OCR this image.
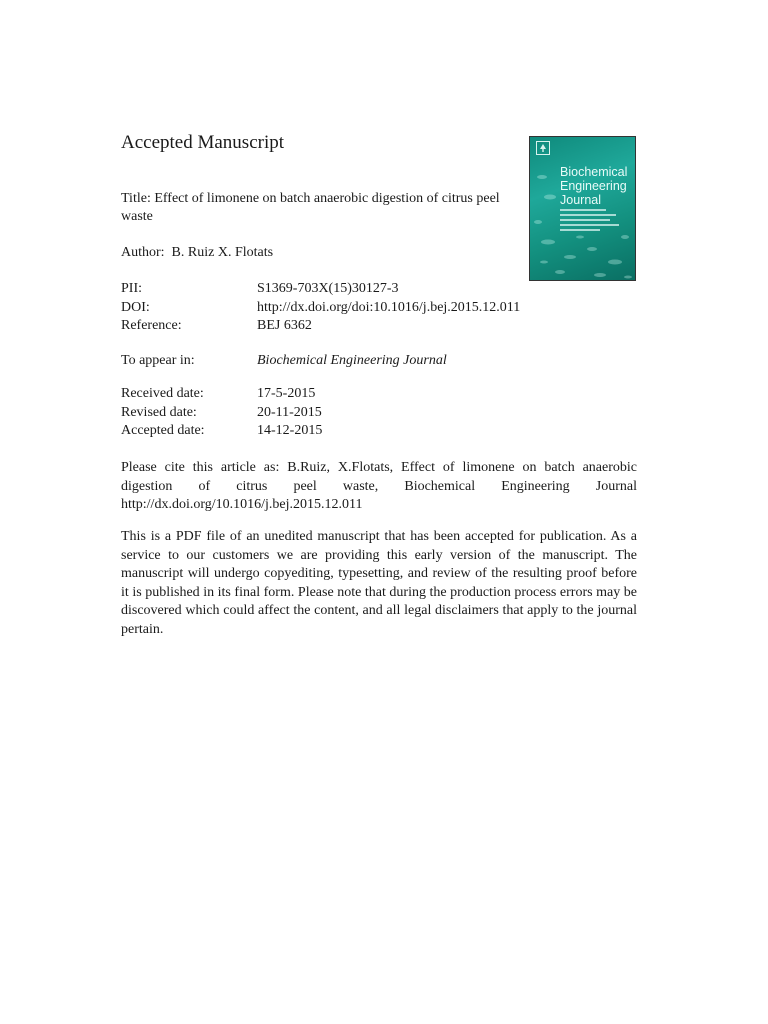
Accepted Manuscript
Title: Effect of limonene on batch anaerobic digestion of citrus peel waste
Author:  B. Ruiz X. Flotats
PII:	S1369-703X(15)30127-3
DOI:	http://dx.doi.org/doi:10.1016/j.bej.2015.12.011
Reference:	BEJ 6362
To appear in:	Biochemical Engineering Journal
Received date:	17-5-2015
Revised date:	20-11-2015
Accepted date:	14-12-2015

Please cite this article as: B.Ruiz, X.Flotats, Effect of limonene on batch anaerobic digestion of citrus peel waste, Biochemical Engineering Journal http://dx.doi.org/10.1016/j.bej.2015.12.011

This is a PDF file of an unedited manuscript that has been accepted for publication. As a service to our customers we are providing this early version of the manuscript. The manuscript will undergo copyediting, typesetting, and review of the resulting proof before it is published in its final form. Please note that during the production process errors may be discovered which could affect the content, and all legal disclaimers that apply to the journal pertain.

Biochemical
Engineering
Journal
